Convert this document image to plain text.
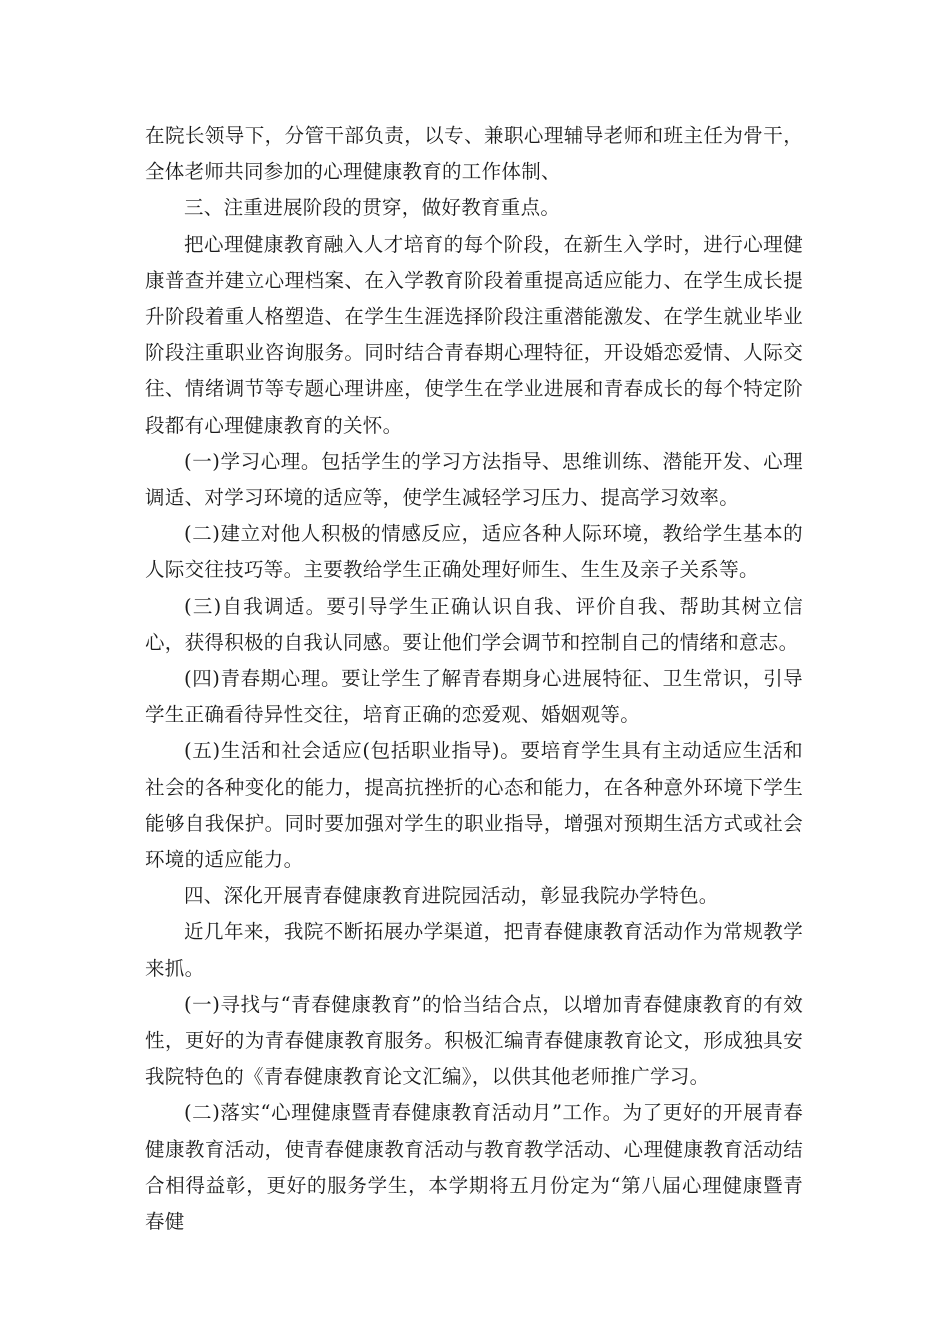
在院长领导下，分管干部负责，以专、兼职心理辅导老师和班主任为骨干，全体老师共同参加的心理健康教育的工作体制、

三、注重进展阶段的贯穿，做好教育重点。

把心理健康教育融入人才培育的每个阶段，在新生入学时，进行心理健康普查并建立心理档案、在入学教育阶段着重提高适应能力、在学生成长提升阶段着重人格塑造、在学生生涯选择阶段注重潜能激发、在学生就业毕业阶段注重职业咨询服务。同时结合青春期心理特征，开设婚恋爱情、人际交往、情绪调节等专题心理讲座，使学生在学业进展和青春成长的每个特定阶段都有心理健康教育的关怀。

(一)学习心理。包括学生的学习方法指导、思维训练、潜能开发、心理调适、对学习环境的适应等，使学生减轻学习压力、提高学习效率。

(二)建立对他人积极的情感反应，适应各种人际环境，教给学生基本的人际交往技巧等。主要教给学生正确处理好师生、生生及亲子关系等。

(三)自我调适。要引导学生正确认识自我、评价自我、帮助其树立信心，获得积极的自我认同感。要让他们学会调节和控制自己的情绪和意志。

(四)青春期心理。要让学生了解青春期身心进展特征、卫生常识，引导学生正确看待异性交往，培育正确的恋爱观、婚姻观等。

(五)生活和社会适应(包括职业指导)。要培育学生具有主动适应生活和社会的各种变化的能力，提高抗挫折的心态和能力，在各种意外环境下学生能够自我保护。同时要加强对学生的职业指导，增强对预期生活方式或社会环境的适应能力。

四、深化开展青春健康教育进院园活动，彰显我院办学特色。

近几年来，我院不断拓展办学渠道，把青春健康教育活动作为常规教学来抓。

(一)寻找与“青春健康教育”的恰当结合点，以增加青春健康教育的有效性，更好的为青春健康教育服务。积极汇编青春健康教育论文，形成独具安我院特色的《青春健康教育论文汇编》，以供其他老师推广学习。

(二)落实“心理健康暨青春健康教育活动月”工作。为了更好的开展青春健康教育活动，使青春健康教育活动与教育教学活动、心理健康教育活动结合相得益彰，更好的服务学生，本学期将五月份定为“第八届心理健康暨青春健
